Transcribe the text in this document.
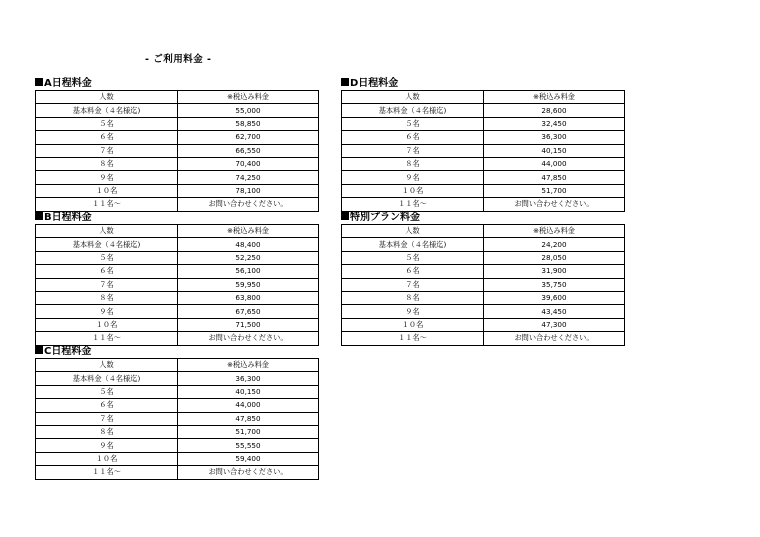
- ご利用料金 -
A日程料金
人数	※税込み料金
基本料金（４名様迄)	55,000
５名	58,850
６名	62,700
７名	66,550
８名	70,400
９名	74,250
１０名	78,100
１１名～	お問い合わせください。
B日程料金
人数	※税込み料金
基本料金（４名様迄)	48,400
５名	52,250
６名	56,100
７名	59,950
８名	63,800
９名	67,650
１０名	71,500
１１名～	お問い合わせください。
C日程料金
人数	※税込み料金
基本料金（４名様迄)	36,300
５名	40,150
６名	44,000
７名	47,850
８名	51,700
９名	55,550
１０名	59,400
１１名～	お問い合わせください。
D日程料金
人数	※税込み料金
基本料金（４名様迄)	28,600
５名	32,450
６名	36,300
７名	40,150
８名	44,000
９名	47,850
１０名	51,700
１１名～	お問い合わせください。
特別プラン料金
人数	※税込み料金
基本料金（４名様迄)	24,200
５名	28,050
６名	31,900
７名	35,750
８名	39,600
９名	43,450
１０名	47,300
１１名～	お問い合わせください。
